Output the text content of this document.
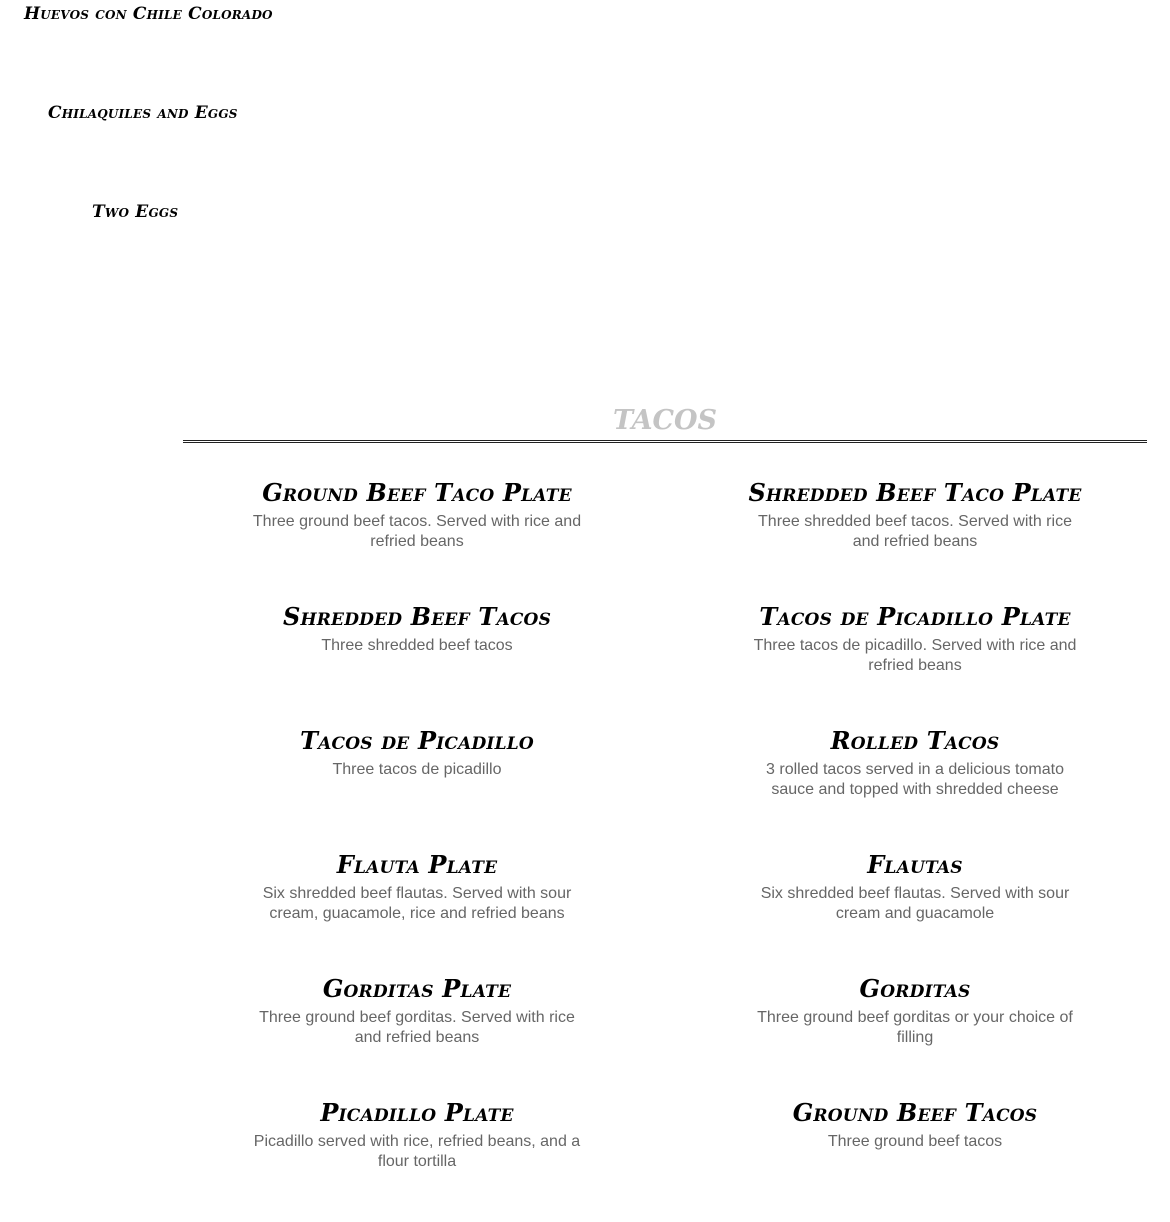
Huevos con Chile Colorado
Chilaquiles and Eggs
Two Eggs
TACOS
Ground Beef Taco Plate
Three ground beef tacos. Served with rice and refried beans
Shredded Beef Taco Plate
Three shredded beef tacos. Served with rice and refried beans
Shredded Beef Tacos
Three shredded beef tacos
Tacos de Picadillo Plate
Three tacos de picadillo. Served with rice and refried beans
Tacos de Picadillo
Three tacos de picadillo
Rolled Tacos
3 rolled tacos served in a delicious tomato sauce and topped with shredded cheese
Flauta Plate
Six shredded beef flautas. Served with sour cream, guacamole, rice and refried beans
Flautas
Six shredded beef flautas. Served with sour cream and guacamole
Gorditas Plate
Three ground beef gorditas. Served with rice and refried beans
Gorditas
Three ground beef gorditas or your choice of filling
Picadillo Plate
Picadillo served with rice, refried beans, and a flour tortilla
Ground Beef Tacos
Three ground beef tacos
